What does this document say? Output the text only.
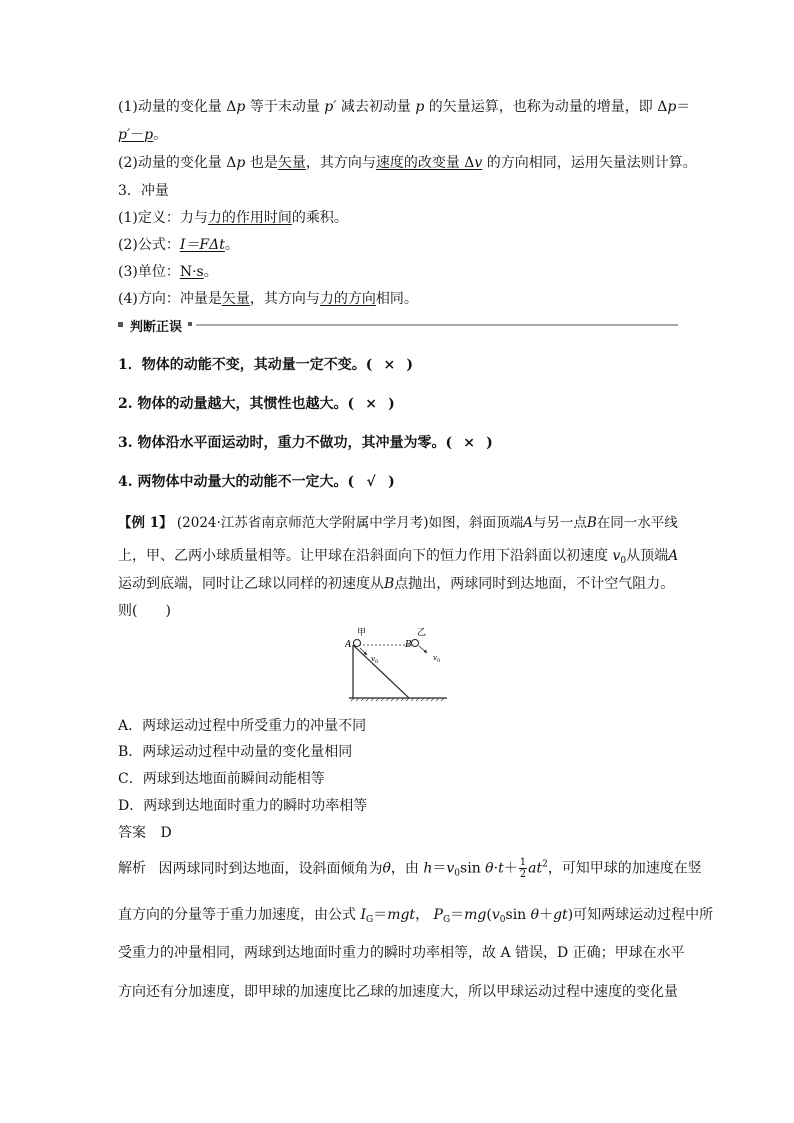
(1)动量的变化量 Δp 等于末动量 p′ 减去初动量 p 的矢量运算，也称为动量的增量，即 Δp＝
p′－p。
(2)动量的变化量 Δp 也是矢量，其方向与速度的改变量 Δv 的方向相同，运用矢量法则计算。
3．冲量
(1)定义：力与力的作用时间的乘积。
(2)公式：I＝FΔt。
(3)单位：N·s。
(4)方向：冲量是矢量，其方向与力的方向相同。
判断正误
1．物体的动能不变，其动量一定不变。( × )
2. 物体的动量越大，其惯性也越大。( × )
3. 物体沿水平面运动时，重力不做功，其冲量为零。( × )
4. 两物体中动量大的动能不一定大。( √ )
【例 1】 (2024·江苏省南京师范大学附属中学月考)如图，斜面顶端A与另一点B在同一水平线
上，甲、乙两小球质量相等。让甲球在沿斜面向下的恒力作用下沿斜面以初速度 $v_0$从顶端A
运动到底端，同时让乙球以同样的初速度从B点抛出，两球同时到达地面，不计空气阻力。
则(　　)
甲
A
乙
B
v 0	v 0
A．两球运动过程中所受重力的冲量不同
B．两球运动过程中动量的变化量相同
C．两球到达地面前瞬间动能相等
D．两球到达地面时重力的瞬时功率相等
答案 D
解析 因两球同时到达地面，设斜面倾角为θ，由 $h=v_0\sin$ $\theta\cdot t+ \frac{1}{2} at^2$，可知甲球的加速度在竖
直方向的分量等于重力加速度，由公式 $I_G=mgt$， $P_G=mg(v_0\sin$ θ＋gt)可知两球运动过程中所
受重力的冲量相同，两球到达地面时重力的瞬时功率相等，故 A 错误，D 正确；甲球在水平
方向还有分加速度，即甲球的加速度比乙球的加速度大，所以甲球运动过程中速度的变化量
